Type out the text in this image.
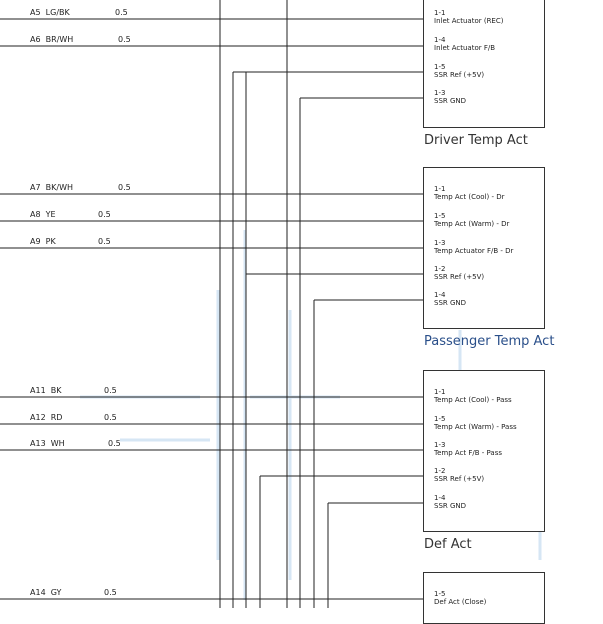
A5 LG/BK	0.5
A6 BR/WH	0.5
A7 BK/WH	0.5
A8 YE	0.5
A9 PK	0.5
A11 BK	0.5
A12 RD	0.5
A13 WH	0.5
A14 GY	0.5
1-1
Inlet Actuator (REC)
1-4
Inlet Actuator F/B
1-5
SSR Ref (+5V)
1-3
SSR GND
Driver Temp Act
1-1
Temp Act (Cool) - Dr
1-5
Temp Act (Warm) - Dr
1-3
Temp Actuator F/B - Dr
1-2
SSR Ref (+5V)
1-4
SSR GND
Passenger Temp Act
1-1
Temp Act (Cool) - Pass
1-5
Temp Act (Warm) - Pass
1-3
Temp Act F/B - Pass
1-2
SSR Ref (+5V)
1-4
SSR GND
Def Act
1-5
Def Act (Close)
